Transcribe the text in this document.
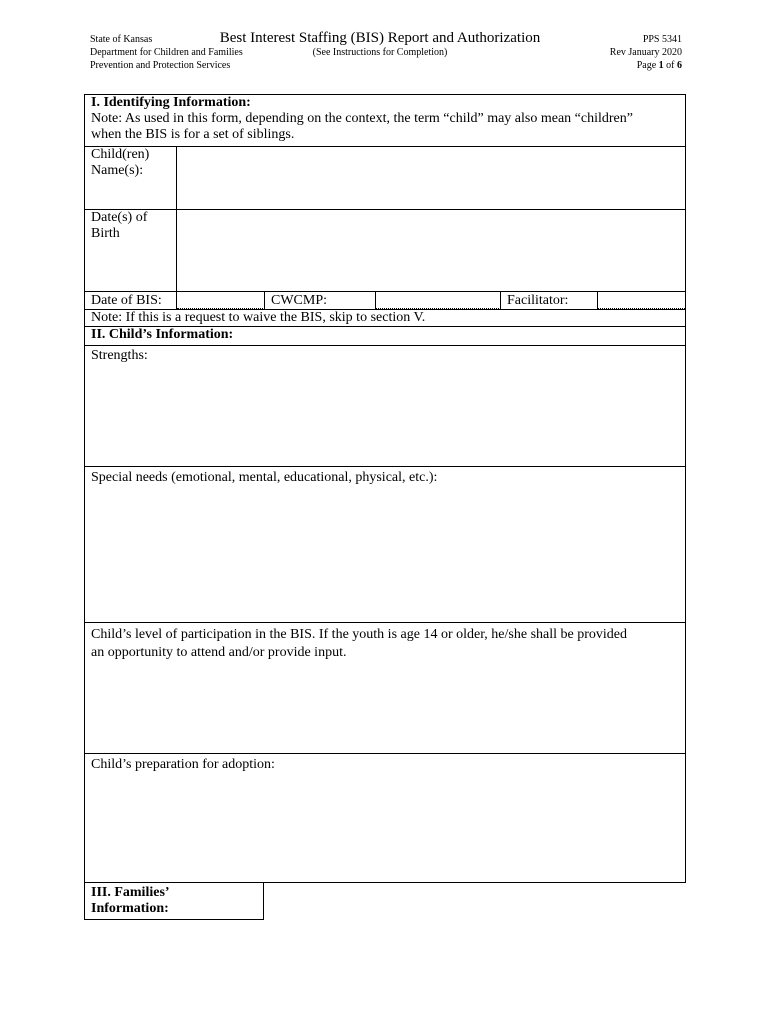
State of Kansas
Department for Children and Families
Prevention and Protection Services
Best Interest Staffing (BIS) Report and Authorization
(See Instructions for Completion)
PPS 5341
Rev January 2020
Page 1 of 6
I. Identifying Information:
Note: As used in this form, depending on the context, the term “child” may also mean “children”
when the BIS is for a set of siblings.
Child(ren)
Name(s):
Date(s) of
Birth
Date of BIS:	CWCMP:	Facilitator:
Note: If this is a request to waive the BIS, skip to section V.
II. Child’s Information:
Strengths:
Special needs (emotional, mental, educational, physical, etc.):
Child’s level of participation in the BIS. If the youth is age 14 or older, he/she shall be provided
an opportunity to attend and/or provide input.
Child’s preparation for adoption:
III. Families’
Information:
